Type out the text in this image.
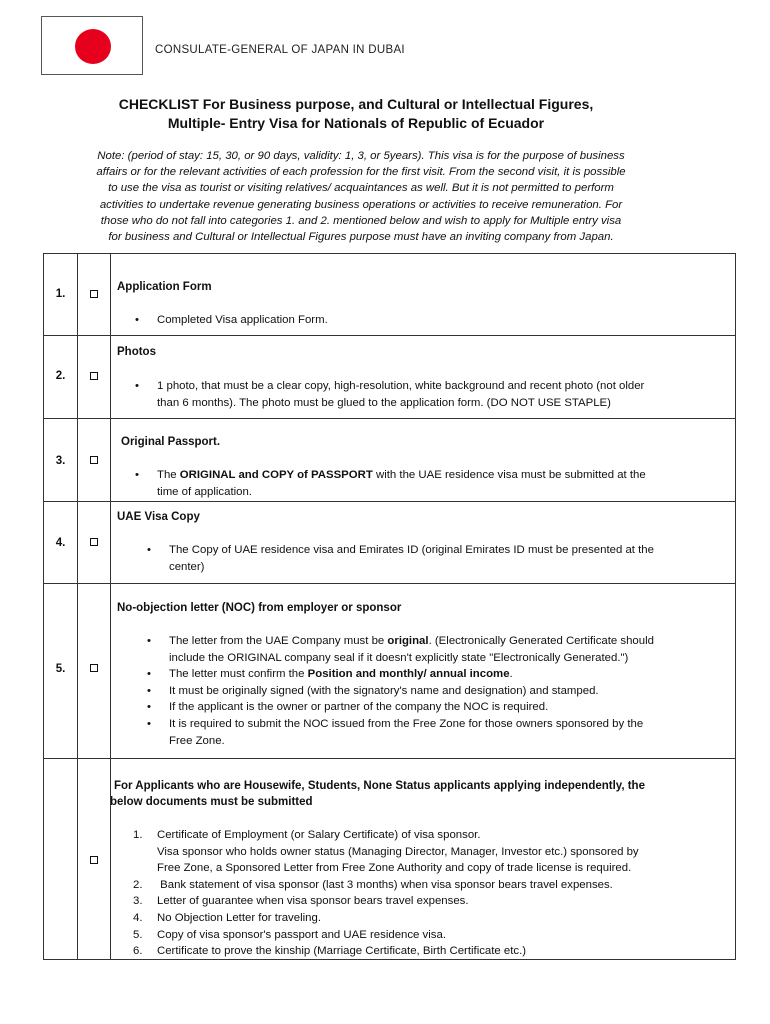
CONSULATE-GENERAL OF JAPAN IN DUBAI
CHECKLIST For Business purpose, and Cultural or Intellectual Figures,
Multiple- Entry Visa for Nationals of Republic of Ecuador
Note: (period of stay: 15, 30, or 90 days, validity: 1, 3, or 5years). This visa is for the purpose of business
affairs or for the relevant activities of each profession for the first visit. From the second visit, it is possible
to use the visa as tourist or visiting relatives/ acquaintances as well. But it is not permitted to perform
activities to undertake revenue generating business operations or activities to receive remuneration. For
those who do not fall into categories 1. and 2. mentioned below and wish to apply for Multiple entry visa
for business and Cultural or Intellectual Figures purpose must have an inviting company from Japan.
1.
Application Form
• Completed Visa application Form.
2.
Photos
• 1 photo, that must be a clear copy, high-resolution, white background and recent photo (not older
than 6 months). The photo must be glued to the application form. (DO NOT USE STAPLE)
3.
Original Passport.
• The ORIGINAL and COPY of PASSPORT with the UAE residence visa must be submitted at the
time of application.
4.
UAE Visa Copy
• The Copy of UAE residence visa and Emirates ID (original Emirates ID must be presented at the
center)
5.
No-objection letter (NOC) from employer or sponsor
• The letter from the UAE Company must be original. (Electronically Generated Certificate should
include the ORIGINAL company seal if it doesn't explicitly state "Electronically Generated.")
• The letter must confirm the Position and monthly/ annual income.
• It must be originally signed (with the signatory's name and designation) and stamped.
• If the applicant is the owner or partner of the company the NOC is required.
• It is required to submit the NOC issued from the Free Zone for those owners sponsored by the
Free Zone.
For Applicants who are Housewife, Students, None Status applicants applying independently, the
below documents must be submitted
1. Certificate of Employment (or Salary Certificate) of visa sponsor.
Visa sponsor who holds owner status (Managing Director, Manager, Investor etc.) sponsored by
Free Zone, a Sponsored Letter from Free Zone Authority and copy of trade license is required.
2. Bank statement of visa sponsor (last 3 months) when visa sponsor bears travel expenses.
3. Letter of guarantee when visa sponsor bears travel expenses.
4. No Objection Letter for traveling.
5. Copy of visa sponsor's passport and UAE residence visa.
6. Certificate to prove the kinship (Marriage Certificate, Birth Certificate etc.)
